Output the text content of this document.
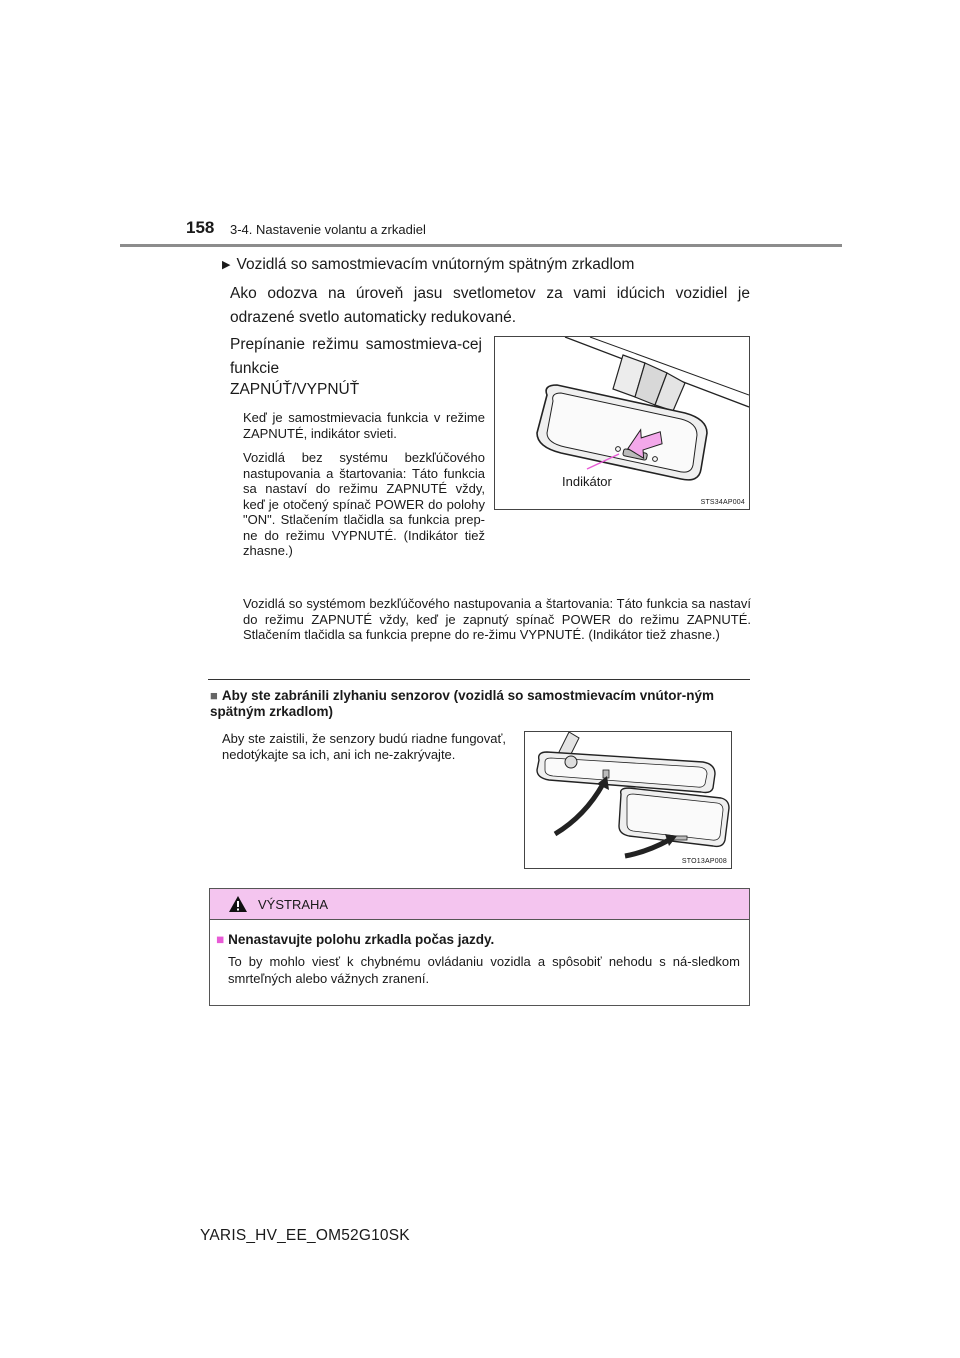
158 3-4. Nastavenie volantu a zrkadiel
▶ Vozidlá so samostmievacím vnútorným spätným zrkadlom
Ako odozva na úroveň jasu svetlometov za vami idúcich vozidiel je odrazené svetlo automaticky redukované.
Prepínanie režimu samostmieva-cej funkcie
ZAPNÚŤ/VYPNÚŤ
Keď je samostmievacia funkcia v režime ZAPNUTÉ, indikátor svieti.
Vozidlá bez systému bezkľúčového nastupovania a štartovania: Táto funkcia sa nastaví do režimu ZAPNUTÉ vždy, keď je otočený spínač POWER do polohy "ON". Stlačením tlačidla sa funkcia prep-ne do režimu VYPNUTÉ. (Indikátor tiež zhasne.)
Vozidlá so systémom bezkľúčového nastupovania a štartovania: Táto funkcia sa nastaví do režimu ZAPNUTÉ vždy, keď je zapnutý spínač POWER do režimu ZAPNUTÉ. Stlačením tlačidla sa funkcia prepne do re-žimu VYPNUTÉ. (Indikátor tiež zhasne.)
Indikátor
STS34AP004
■ Aby ste zabránili zlyhaniu senzorov (vozidlá so samostmievacím vnútor-ným spätným zrkadlom)
Aby ste zaistili, že senzory budú riadne fungovať, nedotýkajte sa ich, ani ich ne-zakrývajte.
STO13AP008
VÝSTRAHA
■ Nenastavujte polohu zrkadla počas jazdy.
To by mohlo viesť k chybnému ovládaniu vozidla a spôsobiť nehodu s ná-sledkom smrteľných alebo vážnych zranení.
YARIS_HV_EE_OM52G10SK
